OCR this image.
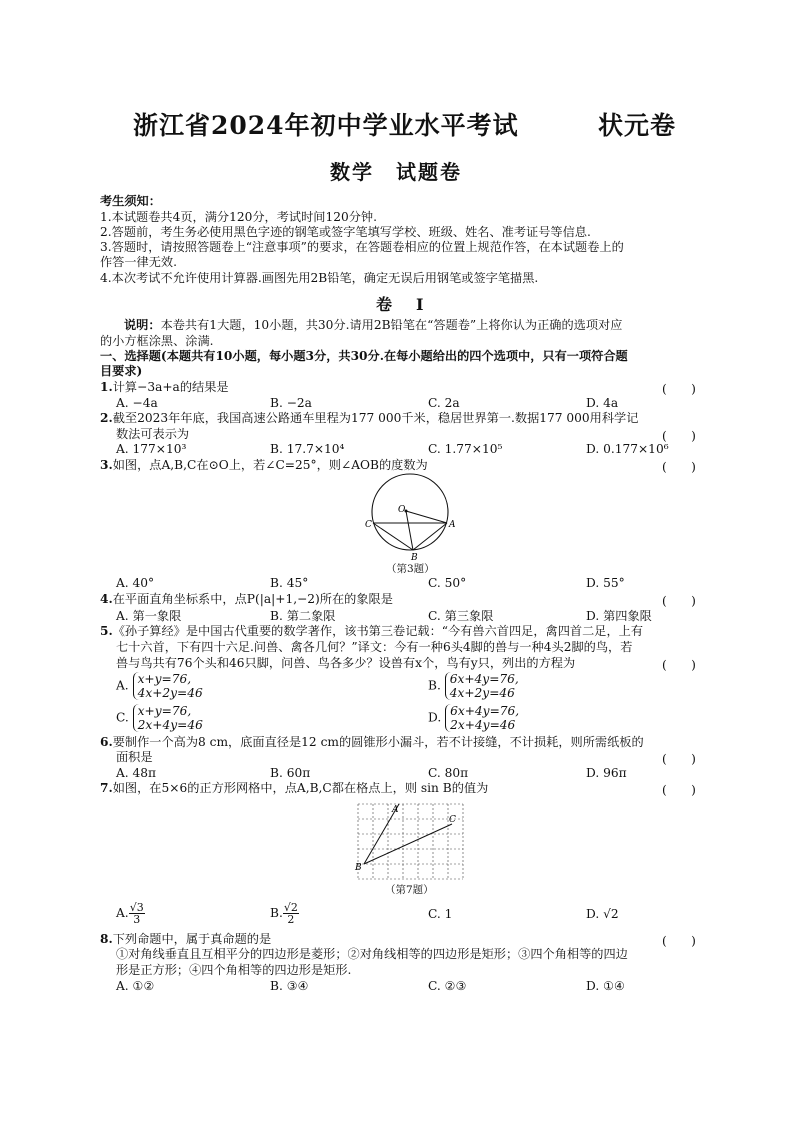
浙江省2024年初中学业水平考试	状元卷
数学　试题卷
考生须知：
1.本试题卷共4页，满分120分，考试时间120分钟.
2.答题前，考生务必使用黑色字迹的钢笔或签字笔填写学校、班级、姓名、准考证号等信息.
3.答题时，请按照答题卷上“注意事项”的要求，在答题卷相应的位置上规范作答，在本试题卷上的
作答一律无效.
4.本次考试不允许使用计算器.画图先用2B铅笔，确定无误后用钢笔或签字笔描黑.
卷　Ⅰ
说明：本卷共有1大题，10小题，共30分.请用2B铅笔在“答题卷”上将你认为正确的选项对应
的小方框涂黑、涂满.
一、选择题(本题共有10小题，每小题3分，共30分.在每小题给出的四个选项中，只有一项符合题
目要求)
1.计算−3a+a的结果是	(　　)
A. −4a	B. −2a	C. 2a	D. 4a
2.截至2023年年底，我国高速公路通车里程为177 000千米，稳居世界第一.数据177 000用科学记
数法可表示为	(　　)
A. 177×10³	B. 17.7×10⁴	C. 1.77×10⁵	D. 0.177×10⁶
3.如图，点A,B,C在⊙O上，若∠C=25°，则∠AOB的度数为	(　　)
O
A
B
C
（第3题）
A. 40°	B. 45°	C. 50°	D. 55°
4.在平面直角坐标系中，点P(|a|+1,−2)所在的象限是	(　　)
A. 第一象限	B. 第二象限	C. 第三象限	D. 第四象限
5.《孙子算经》是中国古代重要的数学著作，该书第三卷记载：“今有兽六首四足，禽四首二足，上有
七十六首，下有四十六足.问兽、禽各几何？”译文：今有一种6头4脚的兽与一种4头2脚的鸟，若
兽与鸟共有76个头和46只脚，问兽、鸟各多少？设兽有x个，鸟有y只，列出的方程为	(　　)
A. x+y=76,
4x+2y=46
B. 6x+4y=76,
4x+2y=46
C. x+y=76,
2x+4y=46
D. 6x+4y=76,
2x+4y=46
6.要制作一个高为8 cm，底面直径是12 cm的圆锥形小漏斗，若不计接缝，不计损耗，则所需纸板的
面积是	(　　)
A. 48π	B. 60π	C. 80π	D. 96π
7.如图，在5×6的正方形网格中，点A,B,C都在格点上，则 sin B的值为	(　　)
A
B
C
（第7题）
A. $\frac{√3}{3}$	B. $\frac{√2}{2}$	C. 1	D. √2
8.下列命题中，属于真命题的是	(　　)
①对角线垂直且互相平分的四边形是菱形；②对角线相等的四边形是矩形；③四个角相等的四边
形是正方形；④四个角相等的四边形是矩形.
A. ①②	B. ③④	C. ②③	D. ①④
